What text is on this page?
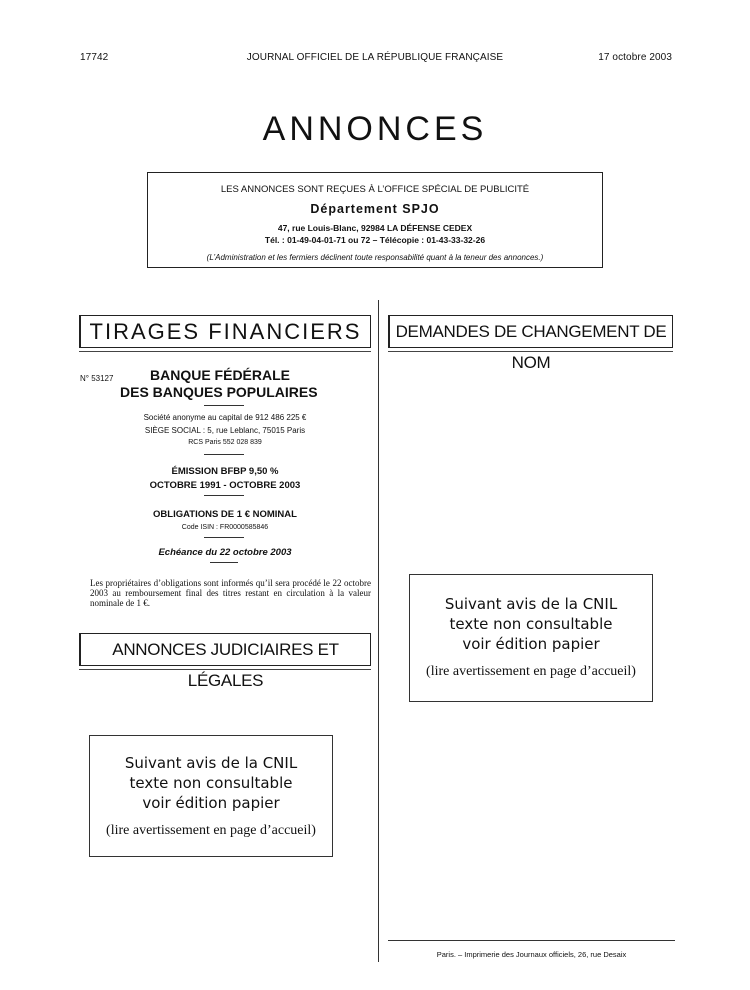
17742	JOURNAL OFFICIEL DE LA RÉPUBLIQUE FRANÇAISE	17 octobre 2003
ANNONCES
LES ANNONCES SONT REÇUES À L’OFFICE SPÉCIAL DE PUBLICITÉ
Département SPJO
47, rue Louis-Blanc, 92984 LA DÉFENSE CEDEX
Tél. : 01-49-04-01-71 ou 72 – Télécopie : 01-43-33-32-26
(L’Administration et les fermiers déclinent toute responsabilité quant à la teneur des annonces.)
TIRAGES FINANCIERS
N° 53127	BANQUE FÉDÉRALE
DES BANQUES POPULAIRES
Société anonyme au capital de 912 486 225 €
SIÈGE SOCIAL : 5, rue Leblanc, 75015 Paris
RCS Paris 552 028 839
ÉMISSION BFBP 9,50 %
OCTOBRE 1991 - OCTOBRE 2003
OBLIGATIONS DE 1 € NOMINAL
Code ISIN : FR0000585846
Echéance du 22 octobre 2003
Les propriétaires d’obligations sont informés qu’il sera procédé le 22 octobre 2003 au remboursement final des titres restant en circulation à la valeur nominale de 1 €.
ANNONCES JUDICIAIRES ET LÉGALES
Suivant avis de la CNIL
texte non consultable
voir édition papier
(lire avertissement en page d’accueil)
DEMANDES DE CHANGEMENT DE NOM
Suivant avis de la CNIL
texte non consultable
voir édition papier
(lire avertissement en page d’accueil)
Paris. – Imprimerie des Journaux officiels, 26, rue Desaix
